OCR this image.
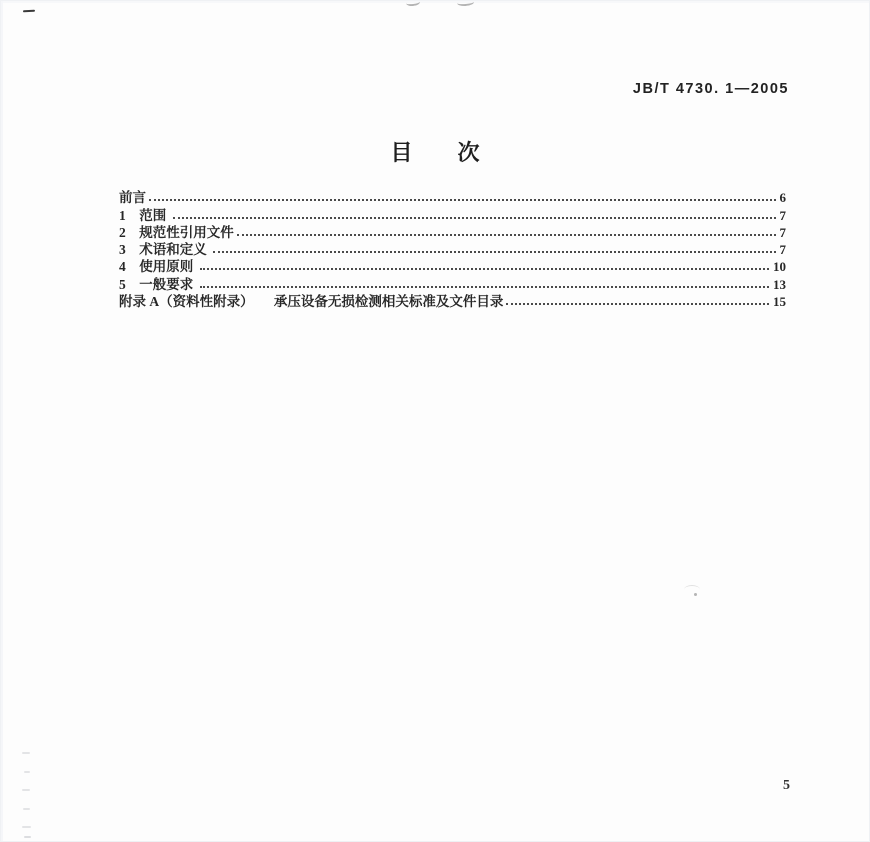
JB/T 4730. 1—2005
目 次
前言	6
1　范围	7
2　规范性引用文件	7
3　术语和定义	7
4　使用原则	10
5　一般要求	13
附录 A（资料性附录）　　承压设备无损检测相关标准及文件目录	15
5
